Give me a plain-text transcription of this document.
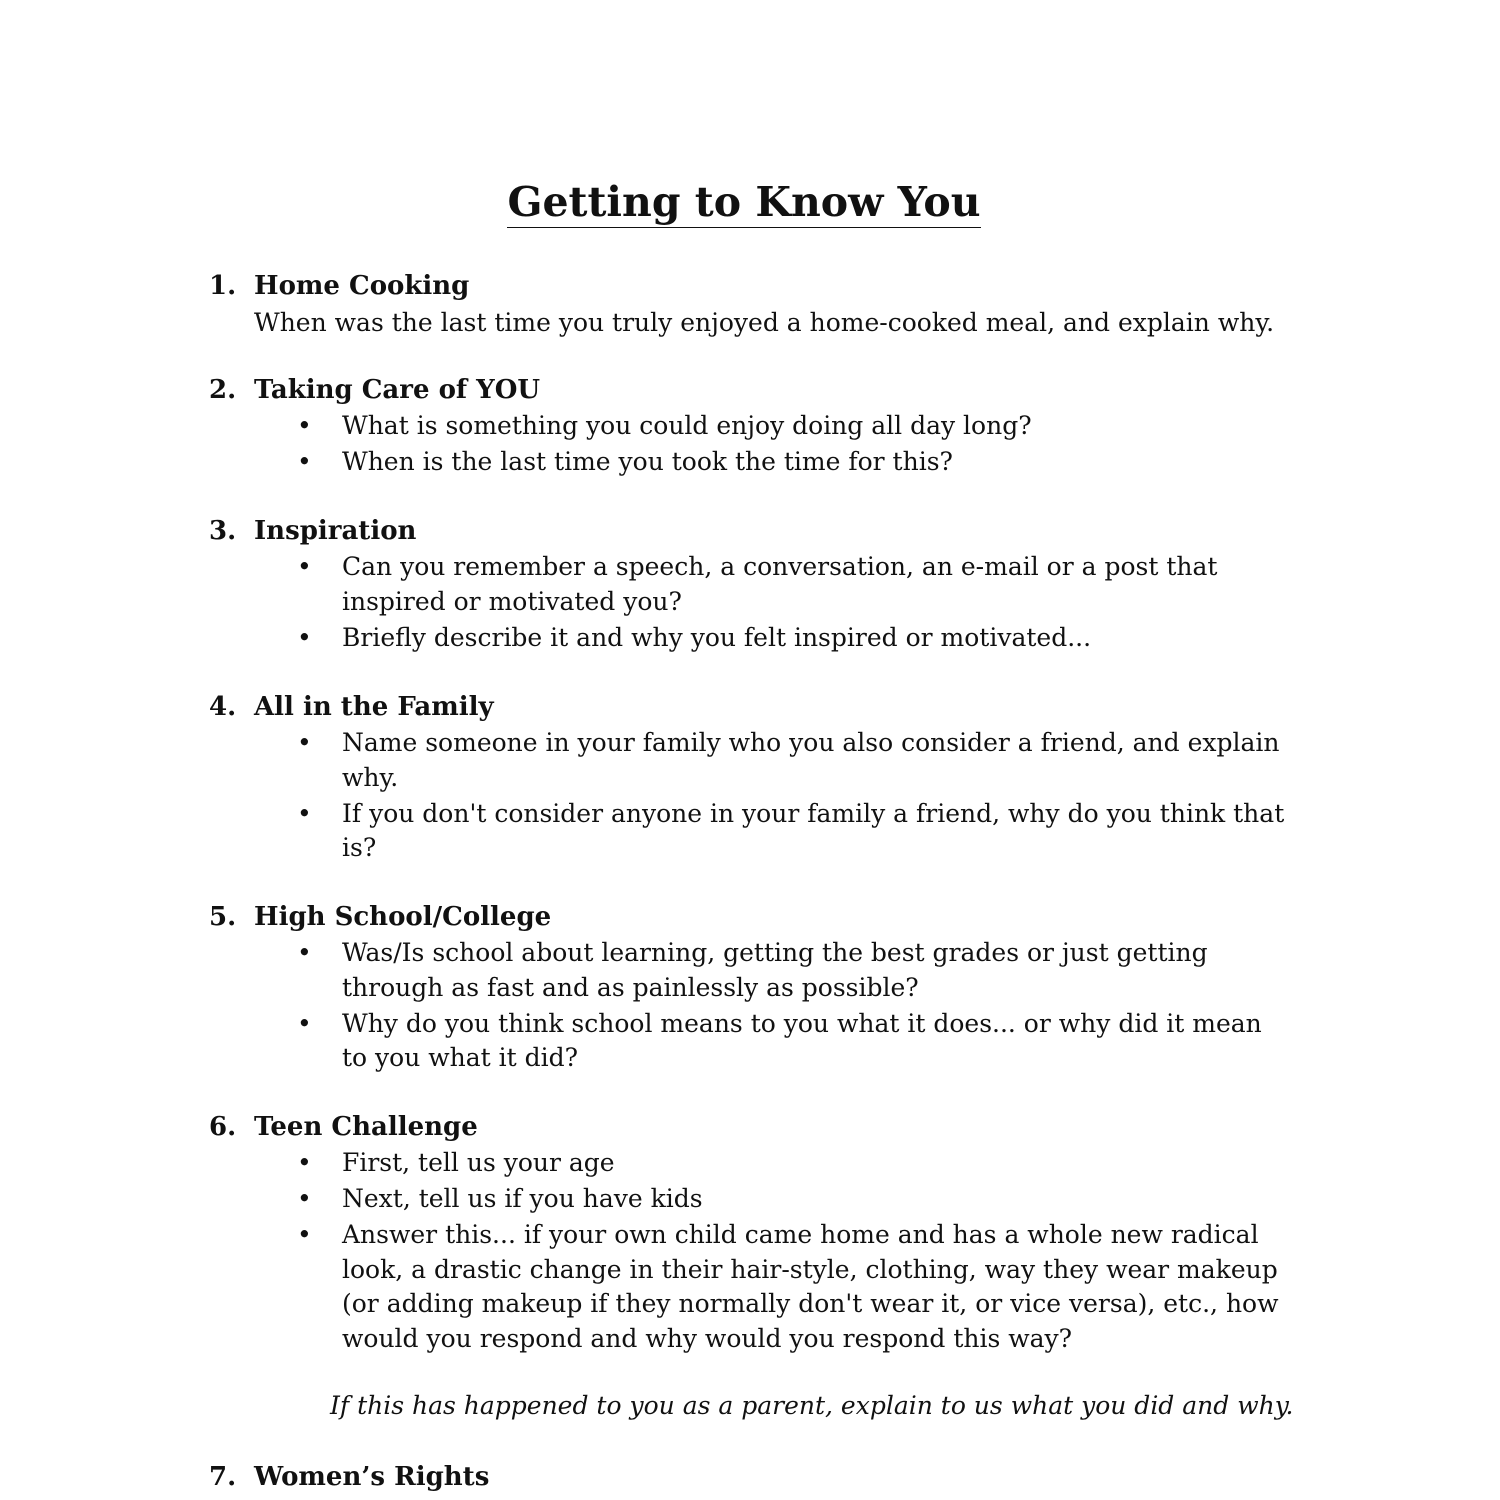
Getting to Know You
1. Home Cooking
When was the last time you truly enjoyed a home-cooked meal, and explain why.
2. Taking Care of YOU
• What is something you could enjoy doing all day long?
• When is the last time you took the time for this?
3. Inspiration
• Can you remember a speech, a conversation, an e-mail or a post that inspired or motivated you?
• Briefly describe it and why you felt inspired or motivated...
4. All in the Family
• Name someone in your family who you also consider a friend, and explain why.
• If you don't consider anyone in your family a friend, why do you think that is?
5. High School/College
• Was/Is school about learning, getting the best grades or just getting through as fast and as painlessly as possible?
• Why do you think school means to you what it does... or why did it mean to you what it did?
6. Teen Challenge
• First, tell us your age
• Next, tell us if you have kids
• Answer this... if your own child came home and has a whole new radical look, a drastic change in their hair-style, clothing, way they wear makeup (or adding makeup if they normally don't wear it, or vice versa), etc., how would you respond and why would you respond this way?
If this has happened to you as a parent, explain to us what you did and why.
7. Women’s Rights
